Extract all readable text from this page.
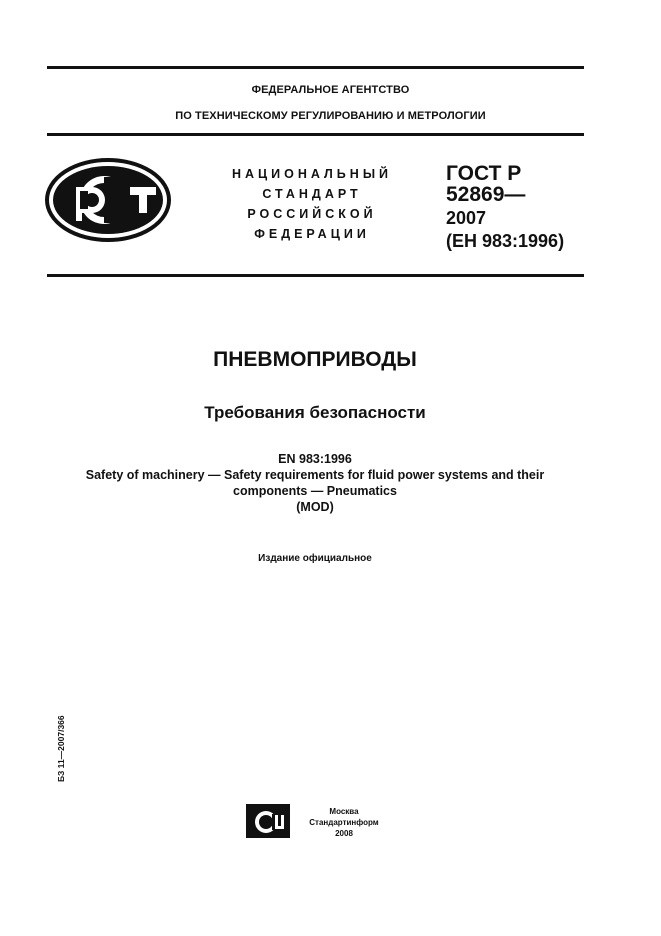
ФЕДЕРАЛЬНОЕ АГЕНТСТВО
ПО ТЕХНИЧЕСКОМУ РЕГУЛИРОВАНИЮ И МЕТРОЛОГИИ
НАЦИОНАЛЬНЫЙ
СТАНДАРТ
РОССИЙСКОЙ
ФЕДЕРАЦИИ
ГОСТ Р
52869—
2007
(ЕН 983:1996)
ПНЕВМОПРИВОДЫ
Требования безопасности
EN 983:1996
Safety of machinery — Safety requirements for fluid power systems and their
components — Pneumatics
(MOD)
Издание официальное
БЗ 11—2007/366
Москва
Стандартинформ
2008
